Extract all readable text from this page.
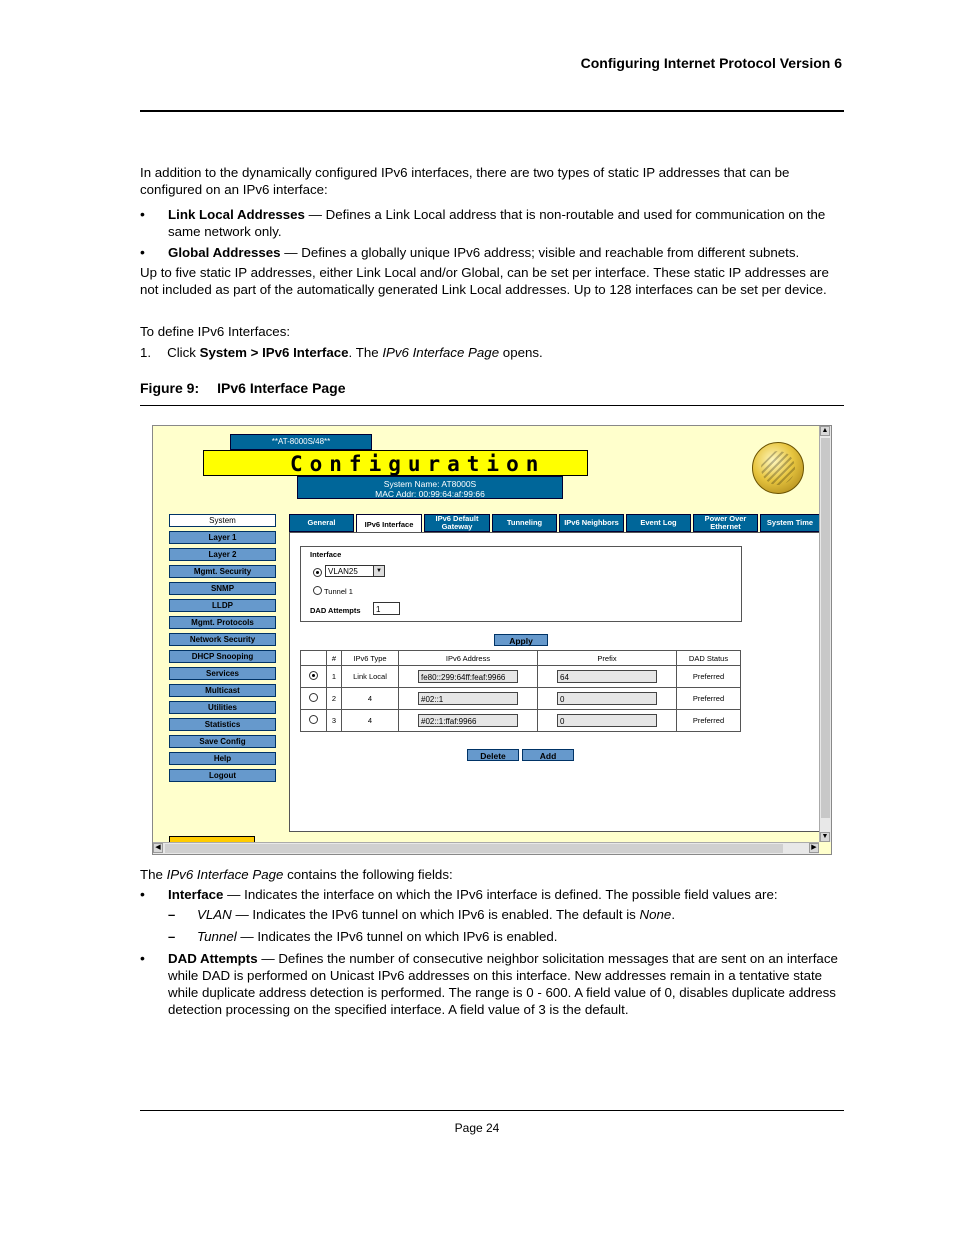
Configuring Internet Protocol Version 6
In addition to the dynamically configured IPv6 interfaces, there are two types of static IP addresses that can be configured on an IPv6 interface:
• Link Local Addresses — Defines a Link Local address that is non-routable and used for communication on the same network only.
• Global Addresses — Defines a globally unique IPv6 address; visible and reachable from different subnets.
Up to five static IP addresses, either Link Local and/or Global, can be set per interface. These static IP addresses are not included as part of the automatically generated Link Local addresses. Up to 128 interfaces can be set per device.
To define IPv6 Interfaces:
1. Click System > IPv6 Interface. The IPv6 Interface Page opens.
Figure 9: IPv6 Interface Page
**AT-8000S/48**
Configuration
System Name: AT8000S
MAC Addr: 00:99:64:af:99:66
System
Layer 1
Layer 2
Mgmt. Security
SNMP
LLDP
Mgmt. Protocols
Network Security
DHCP Snooping
Services
Multicast
Utilities
Statistics
Save Config
Help
Logout
General	IPv6 Interface
IPv6 Default Gateway	Tunneling	IPv6 Neighbors	Event Log	Power Over Ethernet	System Time
Interface
VLAN25	▼
Tunnel 1
DAD Attempts	1
Apply
	#	IPv6 Type	IPv6 Address	Prefix	DAD Status

	1	Link Local	fe80::299:64ff:feaf:9966	64	Preferred

	2	4	#02::1	0	Preferred

	3	4	#02::1:ffaf:9966	0	Preferred
Delete	Add
▲
▼
◀	▶
The IPv6 Interface Page contains the following fields:
• Interface — Indicates the interface on which the IPv6 interface is defined. The possible field values are:
– VLAN — Indicates the IPv6 tunnel on which IPv6 is enabled. The default is None.
– Tunnel — Indicates the IPv6 tunnel on which IPv6 is enabled.
• DAD Attempts — Defines the number of consecutive neighbor solicitation messages that are sent on an interface while DAD is performed on Unicast IPv6 addresses on this interface. New addresses remain in a tentative state while duplicate address detection is performed. The range is 0 - 600. A field value of 0, disables duplicate address detection processing on the specified interface. A field value of 3 is the default.
Page 24
